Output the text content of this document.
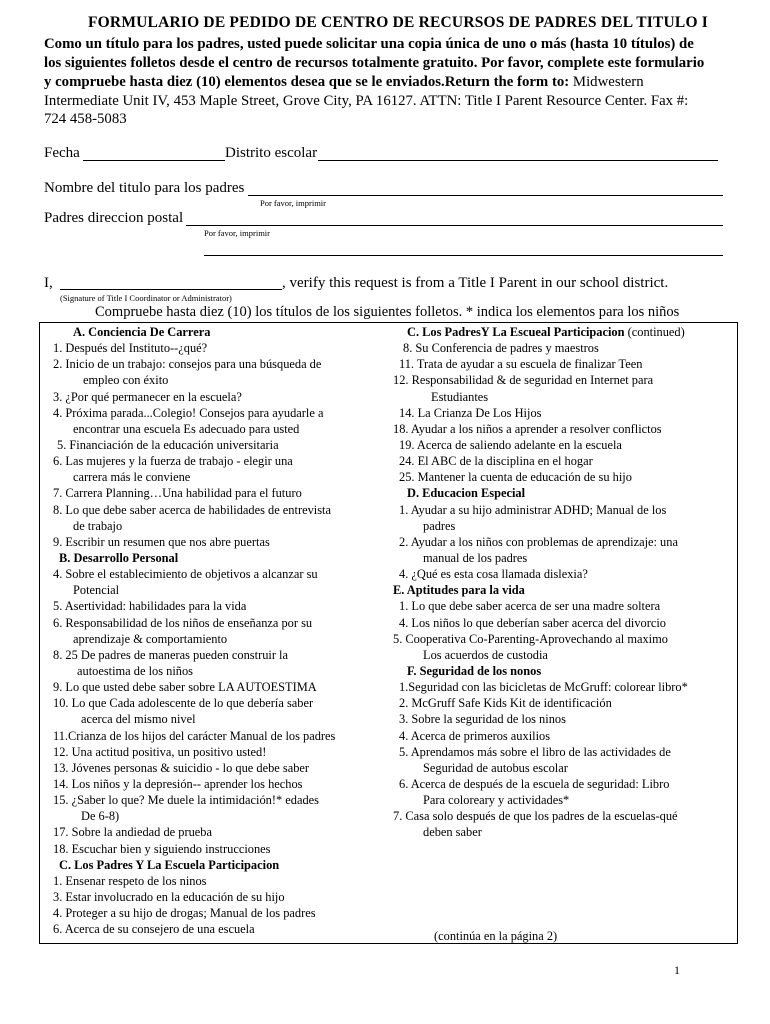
FORMULARIO DE PEDIDO DE CENTRO DE RECURSOS DE PADRES DEL TITULO I
Como un título para los padres, usted puede solicitar una copia única de uno o más (hasta 10 títulos) de
los siguientes folletos desde el centro de recursos totalmente gratuito. Por favor, complete este formulario
y compruebe hasta diez (10) elementos desea que se le enviados.Return the form to: Midwestern
Intermediate Unit IV, 453 Maple Street, Grove City, PA 16127. ATTN: Title I Parent Resource Center. Fax #:
724 458-5083
Fecha	Distrito escolar
Nombre del titulo para los padres
Por favor, imprimir
Padres direccion postal
Por favor, imprimir
I,	, verify this request is from a Title I Parent in our school district.
(Signature of Title I Coordinator or Administrator)
Compruebe hasta diez (10) los títulos de los siguientes folletos. * indica los elementos para los niños
A. Conciencia De Carrera
1. Después del Instituto--¿qué?
2. Inicio de un trabajo: consejos para una búsqueda de
empleo con éxito
3. ¿Por qué permanecer en la escuela?
4. Próxima parada...Colegio! Consejos para ayudarle a
encontrar una escuela Es adecuado para usted
5. Financiación de la educación universitaria
6. Las mujeres y la fuerza de trabajo - elegir una
carrera más le conviene
7. Carrera Planning…Una habilidad para el futuro
8. Lo que debe saber acerca de habilidades de entrevista
de trabajo
9. Escribir un resumen que nos abre puertas
B. Desarrollo Personal
4. Sobre el establecimiento de objetivos a alcanzar su
Potencial
5. Asertividad: habilidades para la vida
6. Responsabilidad de los niños de enseñanza por su
aprendizaje & comportamiento
8. 25 De padres de maneras pueden construir la
autoestima de los niños
9. Lo que usted debe saber sobre LA AUTOESTIMA
10. Lo que Cada adolescente de lo que debería saber
acerca del mismo nivel
11.Crianza de los hijos del carácter Manual de los padres
12. Una actitud positiva, un positivo usted!
13. Jóvenes personas & suicidio - lo que debe saber
14. Los niños y la depresión-- aprender los hechos
15. ¿Saber lo que? Me duele la intimidación!* edades
De 6-8)
17. Sobre la andiedad de prueba
18. Escuchar bien y siguiendo instrucciones
C. Los Padres Y La Escuela Participacion
1. Ensenar respeto de los ninos
3. Estar involucrado en la educación de su hijo
4. Proteger a su hijo de drogas; Manual de los padres
6. Acerca de su consejero de una escuela
C. Los PadresY La Escueal Participacion (continued)
8. Su Conferencia de padres y maestros
11. Trata de ayudar a su escuela de finalizar Teen
12. Responsabilidad & de seguridad en Internet para
Estudiantes
14. La Crianza De Los Hijos
18. Ayudar a los niños a aprender a resolver conflictos
19. Acerca de saliendo adelante en la escuela
24. El ABC de la disciplina en el hogar
25. Mantener la cuenta de educación de su hijo
D. Educacion Especial
1. Ayudar a su hijo administrar ADHD; Manual de los
padres
2. Ayudar a los niños con problemas de aprendizaje: una
manual de los padres
4. ¿Qué es esta cosa llamada dislexia?
E. Aptitudes para la vida
1. Lo que debe saber acerca de ser una madre soltera
4. Los niños lo que deberían saber acerca del divorcio
5. Cooperativa Co-Parenting-Aprovechando al maximo
Los acuerdos de custodia
F. Seguridad de los nonos
1.Seguridad con las bicicletas de McGruff: colorear libro*
2. McGruff Safe Kids Kit de identificación
3. Sobre la seguridad de los ninos
4. Acerca de primeros auxilios
5. Aprendamos más sobre el libro de las actividades de
Seguridad de autobus escolar
6. Acerca de después de la escuela de seguridad: Libro
Para coloreary y actividades*
7. Casa solo después de que los padres de la escuelas-qué
deben saber
(continúa en la página 2)
1
